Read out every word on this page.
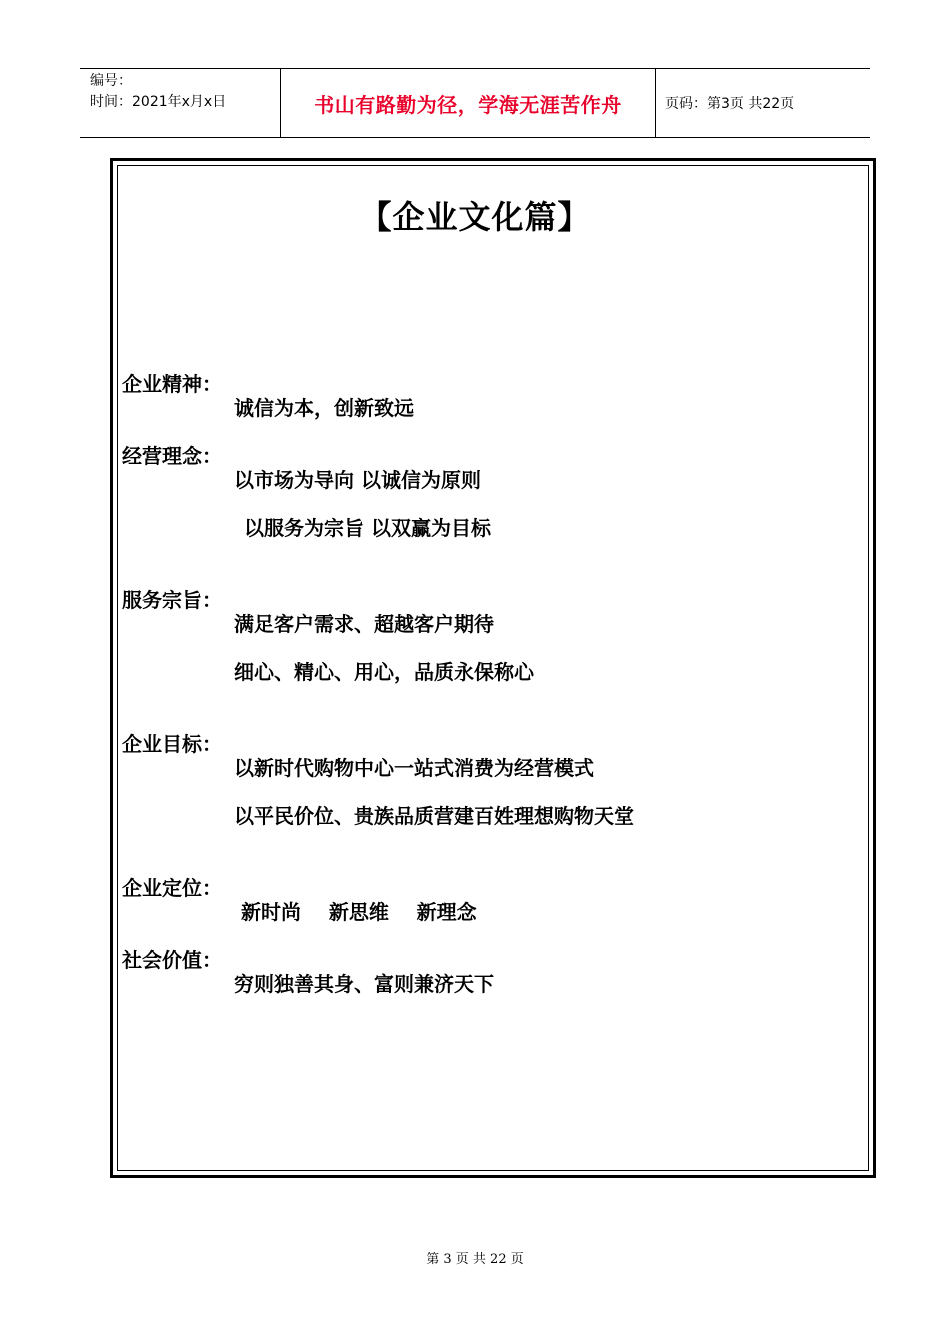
编号：
时间：2021年x月x日	书山有路勤为径，学海无涯苦作舟	页码：第3页 共22页
【企业文化篇】

企业精神：

诚信为本，创新致远

经营理念：

以市场为导向 以诚信为原则

以服务为宗旨 以双赢为目标

服务宗旨：

满足客户需求、超越客户期待

细心、精心、用心，品质永保称心

企业目标：

以新时代购物中心一站式消费为经营模式

以平民价位、贵族品质营建百姓理想购物天堂

企业定位：

新时尚    新思维    新理念

社会价值：

穷则独善其身、富则兼济天下

第 3 页 共 22 页
